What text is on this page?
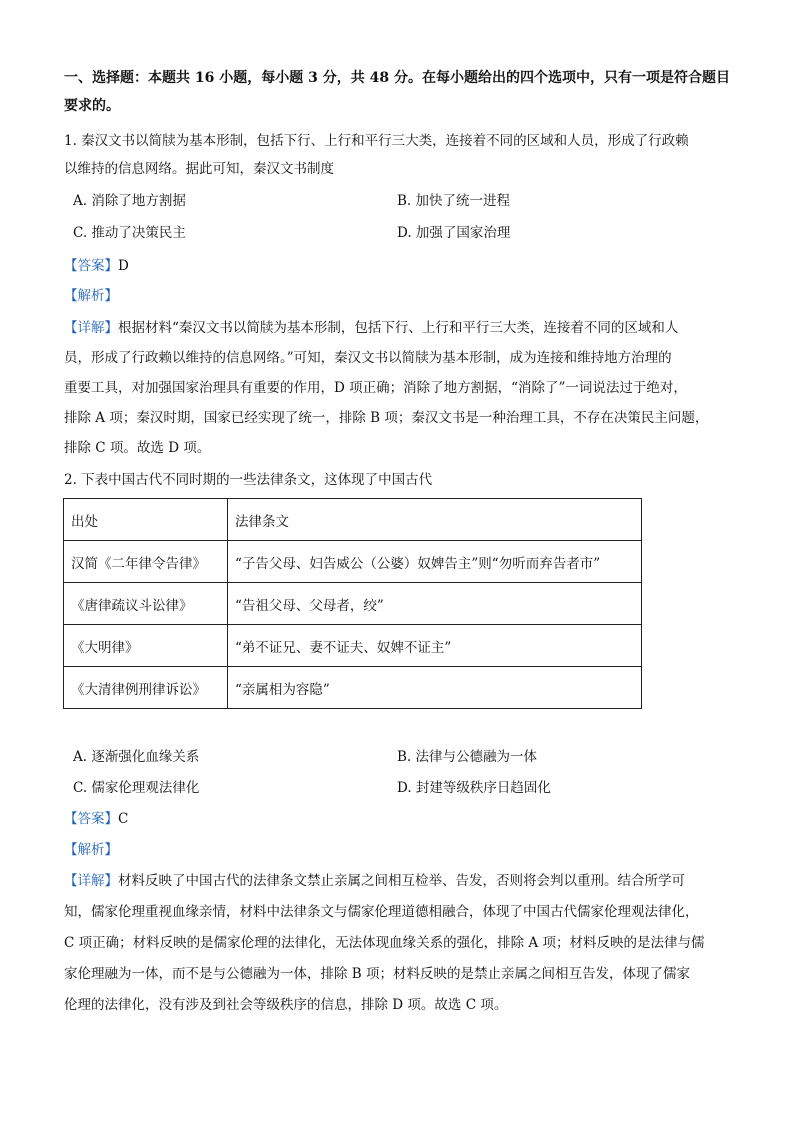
一、选择题：本题共 16 小题，每小题 3 分，共 48 分。在每小题给出的四个选项中，只有一项是符合题目
要求的。
1. 秦汉文书以简牍为基本形制，包括下行、上行和平行三大类，连接着不同的区域和人员，形成了行政赖
以维持的信息网络。据此可知，秦汉文书制度
A. 消除了地方割据	B. 加快了统一进程
C. 推动了决策民主	D. 加强了国家治理
【答案】D
【解析】
【详解】根据材料“秦汉文书以简牍为基本形制，包括下行、上行和平行三大类，连接着不同的区域和人
员，形成了行政赖以维持的信息网络。”可知，秦汉文书以简牍为基本形制，成为连接和维持地方治理的
重要工具，对加强国家治理具有重要的作用，D 项正确；消除了地方割据，“消除了”一词说法过于绝对，
排除 A 项；秦汉时期，国家已经实现了统一，排除 B 项；秦汉文书是一种治理工具，不存在决策民主问题，
排除 C 项。故选 D 项。
2. 下表中国古代不同时期的一些法律条文，这体现了中国古代
出处	法律条文
汉简《二年律令告律》	“子告父母、妇告威公（公婆）奴婢告主”则“勿听而弃告者市”
《唐律疏议斗讼律》	“告祖父母、父母者，绞”
《大明律》	“弟不证兄、妻不证夫、奴婢不证主”
《大清律例刑律诉讼》	“亲属相为容隐”
A. 逐渐强化血缘关系	B. 法律与公德融为一体
C. 儒家伦理观法律化	D. 封建等级秩序日趋固化
【答案】C
【解析】
【详解】材料反映了中国古代的法律条文禁止亲属之间相互检举、告发，否则将会判以重刑。结合所学可
知，儒家伦理重视血缘亲情，材料中法律条文与儒家伦理道德相融合，体现了中国古代儒家伦理观法律化，
C 项正确；材料反映的是儒家伦理的法律化，无法体现血缘关系的强化，排除 A 项；材料反映的是法律与儒
家伦理融为一体，而不是与公德融为一体，排除 B 项；材料反映的是禁止亲属之间相互告发，体现了儒家
伦理的法律化，没有涉及到社会等级秩序的信息，排除 D 项。故选 C 项。
